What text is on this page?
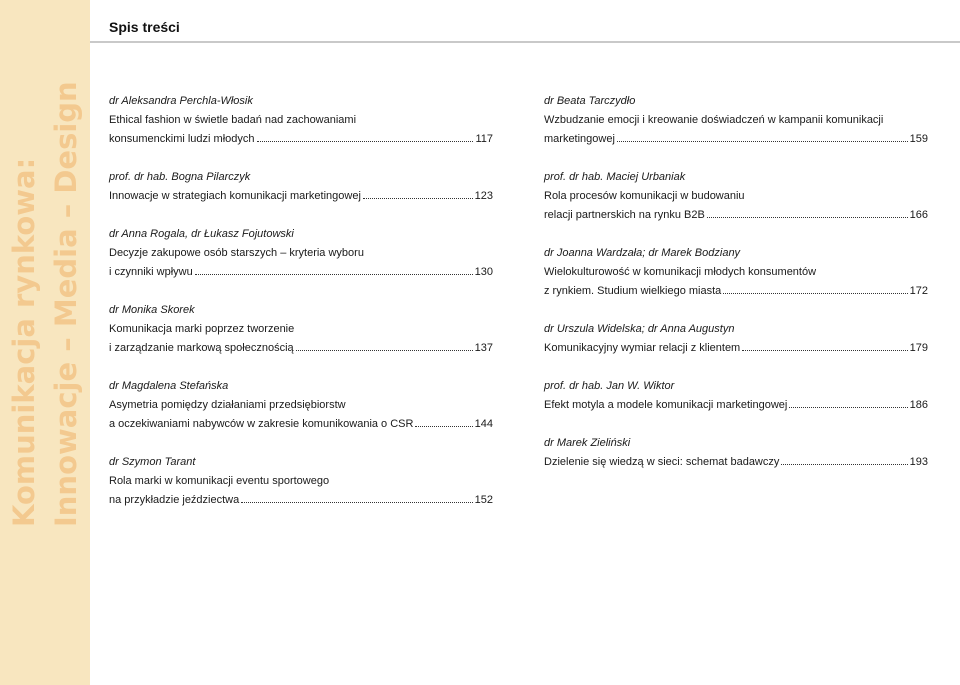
Komunikacja rynkowa: Innowacje – Media – Design
Spis treści
dr Aleksandra Perchla-Włosik
Ethical fashion w świetle badań nad zachowaniami
konsumenckimi ludzi młodych	117
prof. dr hab. Bogna Pilarczyk
Innowacje w strategiach komunikacji marketingowej	123
dr Anna Rogala, dr Łukasz Fojutowski
Decyzje zakupowe osób starszych – kryteria wyboru
i czynniki wpływu	130
dr Monika Skorek
Komunikacja marki poprzez tworzenie
i zarządzanie markową społecznością	137
dr Magdalena Stefańska
Asymetria pomiędzy działaniami przedsiębiorstw
a oczekiwaniami nabywców w zakresie komunikowania o CSR	144
dr Szymon Tarant
Rola marki w komunikacji eventu sportowego
na przykładzie jeździectwa	152
dr Beata Tarczydło
Wzbudzanie emocji i kreowanie doświadczeń w kampanii komunikacji
marketingowej	159
prof. dr hab. Maciej Urbaniak
Rola procesów komunikacji w budowaniu
relacji partnerskich na rynku B2B	166
dr Joanna Wardzała; dr Marek Bodziany
Wielokulturowość w komunikacji młodych konsumentów
z rynkiem. Studium wielkiego miasta	172
dr Urszula Widelska; dr Anna Augustyn
Komunikacyjny wymiar relacji z klientem	179
prof. dr hab. Jan W. Wiktor
Efekt motyla a modele komunikacji marketingowej	186
dr Marek Zieliński
Dzielenie się wiedzą w sieci: schemat badawczy	193
